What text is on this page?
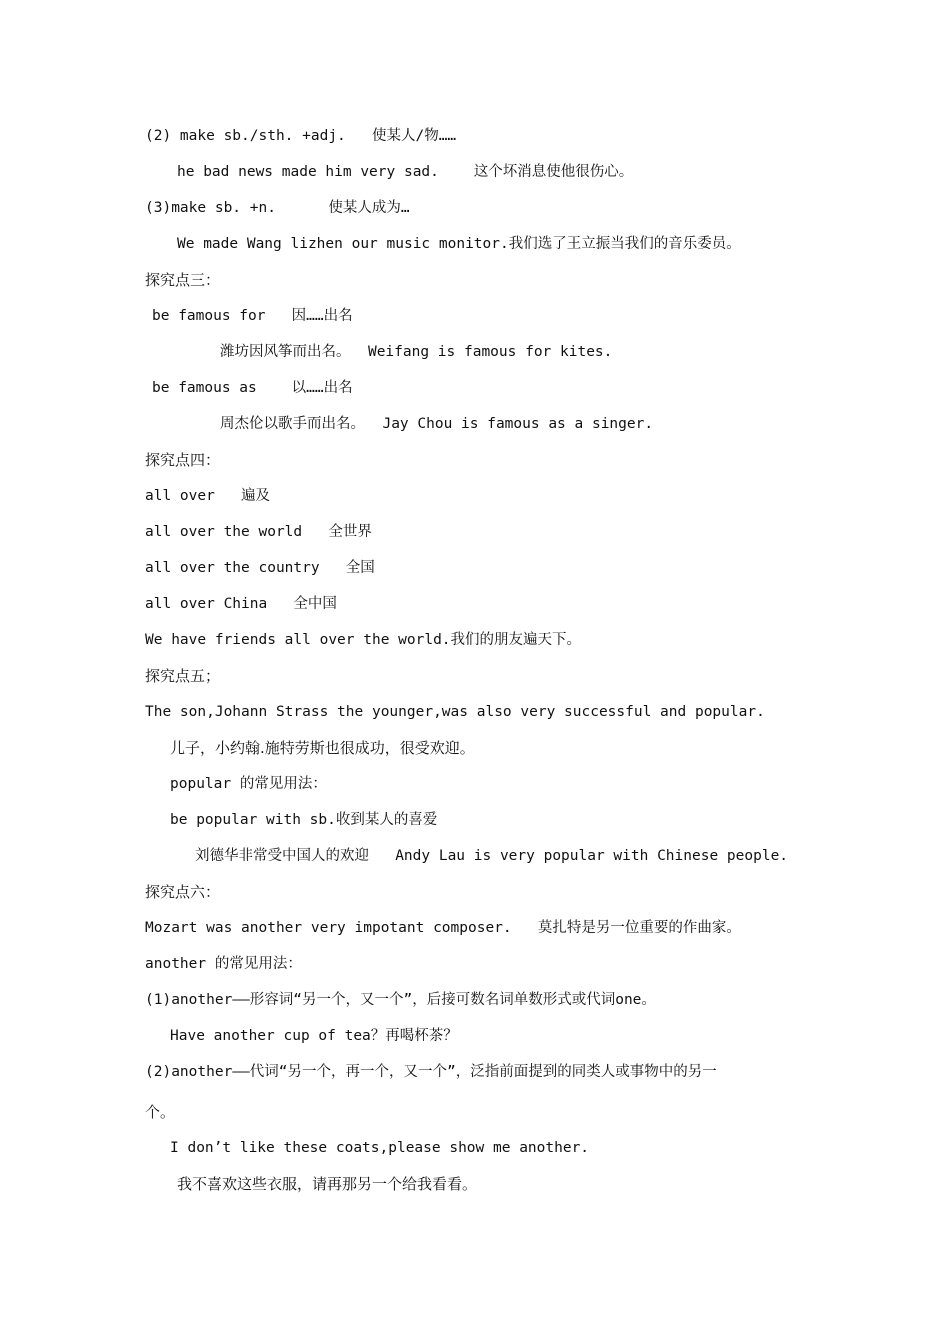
(2) make sb./sth. +adj.   使某人/物……
he bad news made him very sad.    这个坏消息使他很伤心。
(3)make sb. +n.      使某人成为…
We made Wang lizhen our music monitor.我们选了王立振当我们的音乐委员。
探究点三：
be famous for   因……出名
潍坊因风筝而出名。  Weifang is famous for kites.
be famous as    以……出名
周杰伦以歌手而出名。  Jay Chou is famous as a singer.
探究点四：
all over   遍及
all over the world   全世界
all over the country   全国
all over China   全中国
We have friends all over the world.我们的朋友遍天下。
探究点五；
The son,Johann Strass the younger,was also very successful and popular.
儿子，小约翰.施特劳斯也很成功，很受欢迎。
popular 的常见用法：
be popular with sb.收到某人的喜爱
刘德华非常受中国人的欢迎   Andy Lau is very popular with Chinese people.
探究点六：
Mozart was another very impotant composer.   莫扎特是另一位重要的作曲家。
another 的常见用法：
(1)another——形容词“另一个，又一个”，后接可数名词单数形式或代词one。
Have another cup of tea？再喝杯茶？
(2)another——代词“另一个，再一个，又一个”，泛指前面提到的同类人或事物中的另一
个。
I don’t like these coats,please show me another.
我不喜欢这些衣服，请再那另一个给我看看。
